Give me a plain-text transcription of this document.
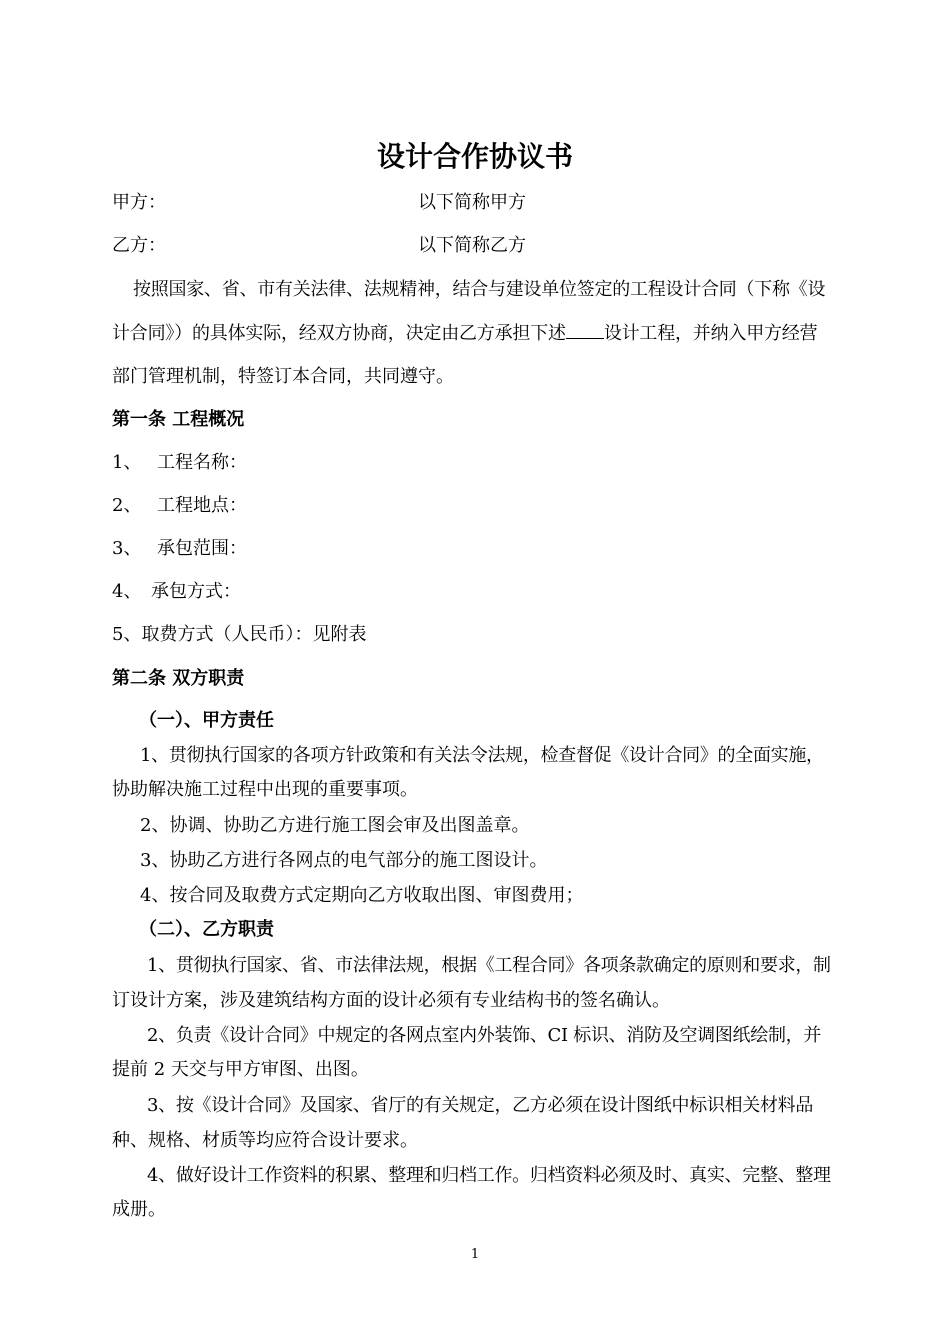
设计合作协议书
甲方：	以下简称甲方
乙方：	以下简称乙方
按照国家、省、市有关法律、法规精神，结合与建设单位签定的工程设计合同（下称《设
计合同》）的具体实际，经双方协商，决定由乙方承担下述 设计工程，并纳入甲方经营
部门管理机制，特签订本合同，共同遵守。
第一条 工程概况
1、 工程名称：
2、 工程地点：
3、 承包范围：
4、 承包方式：
5、取费方式（人民币）：见附表
第二条 双方职责
（一）、甲方责任
1、贯彻执行国家的各项方针政策和有关法令法规，检查督促《设计合同》的全面实施，
协助解决施工过程中出现的重要事项。
2、协调、协助乙方进行施工图会审及出图盖章。
3、协助乙方进行各网点的电气部分的施工图设计。
4、按合同及取费方式定期向乙方收取出图、审图费用；
（二）、乙方职责
1、贯彻执行国家、省、市法律法规，根据《工程合同》各项条款确定的原则和要求，制
订设计方案，涉及建筑结构方面的设计必须有专业结构书的签名确认。
2、负责《设计合同》中规定的各网点室内外装饰、CI 标识、消防及空调图纸绘制，并
提前 2 天交与甲方审图、出图。
3、按《设计合同》及国家、省厅的有关规定，乙方必须在设计图纸中标识相关材料品
种、规格、材质等均应符合设计要求。
4、做好设计工作资料的积累、整理和归档工作。归档资料必须及时、真实、完整、整理
成册。
1
